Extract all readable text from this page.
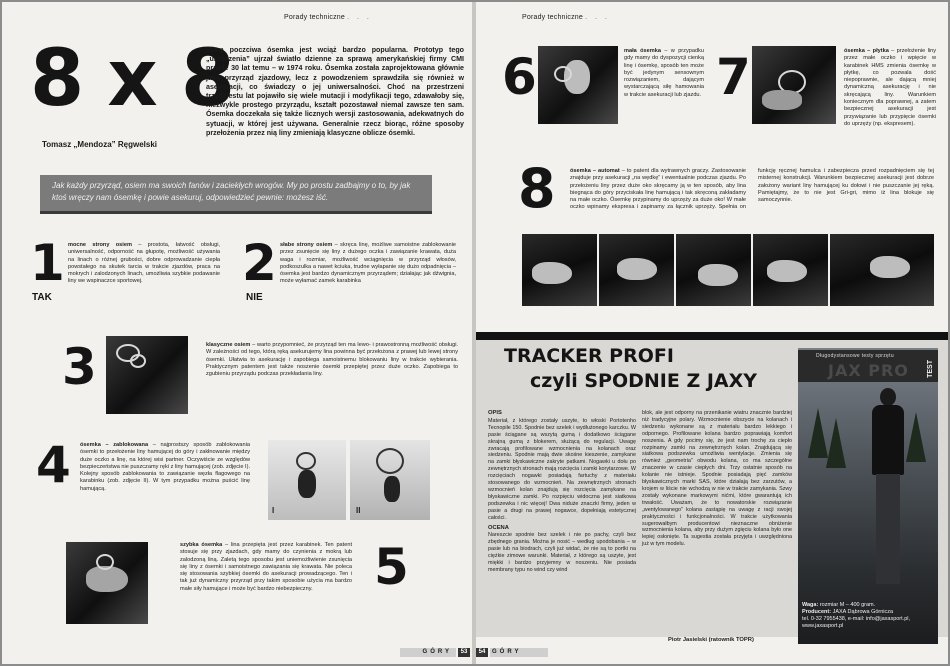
Porady techniczne . . .
8 x 8
Tomasz „Mendoza” Ręgwelski
Stara poczciwa ósemka jest wciąż bardzo popularna. Prototyp tego „urządzenia” ujrzał światło dzienne za sprawą amerykańskiej firmy CMI prawie 30 lat temu – w 1974 roku. Ósemka została zaprojektowana głównie jako przyrząd zjazdowy, lecz z powodzeniem sprawdziła się również w asekuracji, co świadczy o jej uniwersalności. Choć na przestrzeni trzydziestu lat pojawiło się wiele mutacji i modyfikacji tego, zdawałoby się, niezwykle prostego przyrządu, kształt pozostawał niemal zawsze ten sam. Ósemka doczekała się także licznych wersji zastosowania, adekwatnych do sytuacji, w której jest używana. Generalnie rzecz biorąc, różne sposoby przełożenia przez nią liny zmieniają klasyczne oblicze ósemki.
Jak każdy przyrząd, osiem ma swoich fanów i zaciekłych wrogów. My po prostu zadbajmy o to, by jak ktoś wręczy nam ósemkę i powie asekuruj, odpowiedzieć pewnie: możesz iść.
1
TAK
mocne strony osiem – prostota, łatwość obsługi, uniwersalność, odporność na głupotę, możliwość używania na linach o różnej grubości, dobre odprowadzanie ciepła powstałego na skutek tarcia w trakcie zjazdów, praca na mokrych i zalodzonych linach, umożliwia szybkie podawanie liny we wspinaczce sportowej.	2
NIE
słabe strony osiem – skręca linę, możliwe samoistne zablokowanie przez zsunięcie się liny z dużego oczka i zawiązanie krawata, duża waga i rozmiar, możliwość wciągnięcia w przyrząd włosów, podkoszulka a nawet kciuka, trudne wyłapanie się dużo odpadnięcia – ósemka jest bardzo dynamicznym przyrządem; działając jak dźwignia, może wyłamać zamek karabinka
3	klasyczne osiem – warto przypomnieć, że przyrząd ten ma lewo- i prawostronną możliwość obsługi. W zależności od tego, którą ręką asekurujemy lina powinna być przełożona z prawej lub lewej strony ósemki. Ułatwia to asekurację i zapobiega samoistnemu blokowaniu liny w trakcie wybierania. Praktycznym patentem jest także noszenie ósemki przepiętej przez duże oczko. Zapobiega to zgubieniu przyrządu podczas przekładania liny.
4 ósemka – zablokowana – najprostszy sposób zablokowania ósemki to przełożenie liny hamującej do góry i zakłnowanie między duże oczko a linę, na której wisi partner. Oczywiście ze względów bezpieczeństwa nie puszczamy ręki z liny hamującej (zob. zdjęcie I). Kolejny sposób zablokowania to zawiązanie węzła flagowego na karabinku (zob. zdjęcie II). W tym przypadku można puścić linę hamującą.
I	II
szybka ósemka – lina przepięta jest przez karabinek. Ten patent stosuje się przy zjazdach, gdy mamy do czynienia z mokrą lub zalodzoną liną. Zaletą tego sposobu jest uniemożliwienie zsunięcia się liny z ósemki i samoistnego zawiązania się krawata. Nie poleca się stosowania szybkiej ósemki do asekuracji prowadzącego. Ten i tak już dynamiczny przyrząd przy takim sposobie użycia ma bardzo małe siły hamujące i może być bardzo niebezpieczny.	5
GÓRY	53	54	GÓRY
Porady techniczne . . .
6	mała ósemka – w przypadku gdy mamy do dyspozycji cienką linę i ósemkę, sposób ten może być jedynym sensownym rozwiązaniem, dającym wystarczającą siłę hamowania w trakcie asekuracji lub zjazdu. 7	ósemka – płytka – przełożenie liny przez małe oczko i wpięcie w karabinek HMS zmienia ósemkę w płytkę, co pozwala dość niepoprawnie, ale dającą mniej dynamiczną asekurację i nie skręcającą liny. Warunkiem koniecznym dla poprawnej, a zatem bezpiecznej asekuracji jest przywiązanie lub przypięcie ósemki do uprzęży (np. ekspresem).
8	ósemka – automat – to patent dla wytrawnych graczy. Zastosowanie znajduje przy asekuracji „na wędkę” i ewentualnie podczas zjazdu. Po przełożeniu liny przez duże oko skręcamy ją w ten sposób, aby lina biegnąca do góry przyciskała linę hamującą i tak skręconą zakładamy na małe oczko. Ósemkę przypinamy do uprzęży za duże oko! W małe oczko wpinamy ekspresa i zapinamy za łącznik uprzęży. Spełnia on funkcję ręcznej hamulca i zabezpiecza przed rozpadnięciem się tej misternej konstrukcji. Warunkiem bezpiecznej asekuracji jest dobrze założony wariant liny hamującej ku dołowi i nie puszczanie jej ręką. Pamiętajmy, że to nie jest Gri-gri, mimo iż lina blokuje się samoczynnie.
TRACKER PROFI
czyli SPODNIE Z JAXY
OPIS
Materiał, z którego zostały uszyte, to włoski Portotenho Tecnopile 150. Spodnie bez szelek i wydłużonego karczku. W pasie ściągane są wszytą gumą i dodatkowo ściągane skrajną gumą z blokerem, służącą do regulacji. Uwagę zwracają profilowane wzmocnienia na kolanach oraz siedzeniu. Spodnie mają dwie skośne kieszenie, zamykane na zamki błyskawiczne zakryte patkami. Nogawki u dołu po zewnętrznych stronach mają rozcięcia i zamki korytarzowe. W rozcięciach nogawki posiadają fartuchy z materiału stosowanego do wzmocnień. Na zewnętrznych stronach wzmocnień kolan znajdują się rozcięcia zamykane na błyskawiczne zamki. Po rozpięciu widoczna jest siatkowa podszewka i nic więcej! Dwa niduże znaczki firmy, jeden w pasie a drugi na prawej nogawce, dopełniają estetycznej całości.
OCENA
Nareszcie spodnie bez szelek i nie po pachy, czyli bez zbędnego grania. Można je nosić – według upodobania – w pasie lub na biodrach, czyli już widać, że nie są to portki na ciężkie zimowe warunki. Materiał, z którego są uszyte, jest miękki i bardzo przyjemny w noszeniu. Nie posiada membrany typu no wind czy wind
blok, ale jest odporny na przenikanie wiatru znacznie bardziej niż tradycyjne polary. Wzmocnienie obszycie na kolanach i siedzeniu wykonane są z materiału bardzo lekkiego i odpornego. Profilowane kolana bardzo poprawiają komfort noszenia. A gdy pocimy się, że jest nam trochę za ciepło rozpinamy zamki na zewnętrznych kolan. Znajdującą się siatkowa podszewka umożliwia wentylacje. Zmienia się również „geometria” obwodu kolana, co ma szczególne znaczenie w czasie ciepłych dni. Trzy ostatnie sposób na kolanie nie istnieje. Spodnie posiadają pięć zamków błyskawicznych marki SAS, które działają bez zarzutów, a krojem w liście nie wchodzą w nie w trakcie zamykania. Szwy zostały wykonane markowymi nićmi, które gwarantują ich trwałość. Uważam, że to nowatorskie rozwiązanie „wentylowanego” kolana zastąpię na uwagę z racji swojej praktyczności i funkcjonalności. W trakcie użytkowania sugerowałbym producentowi nieznaczne obniżenie wzmocnienia kolana, aby przy dużym zgięciu kolana było one lepiej osłonięte. Ta sugestia została przyjęta i uwzględniona już w tym modelu.
Piotr Jasielski (ratownik TOPR)
Długodystansowe testy sprzętu
JAX PRO	TEST
Waga: rozmiar M – 400 gram.
Producent: JAXA Dąbrowa Górnicza
tel. 0-32 7955438, e-mail: info@jaxasport.pl,
www.jaxasport.pl
